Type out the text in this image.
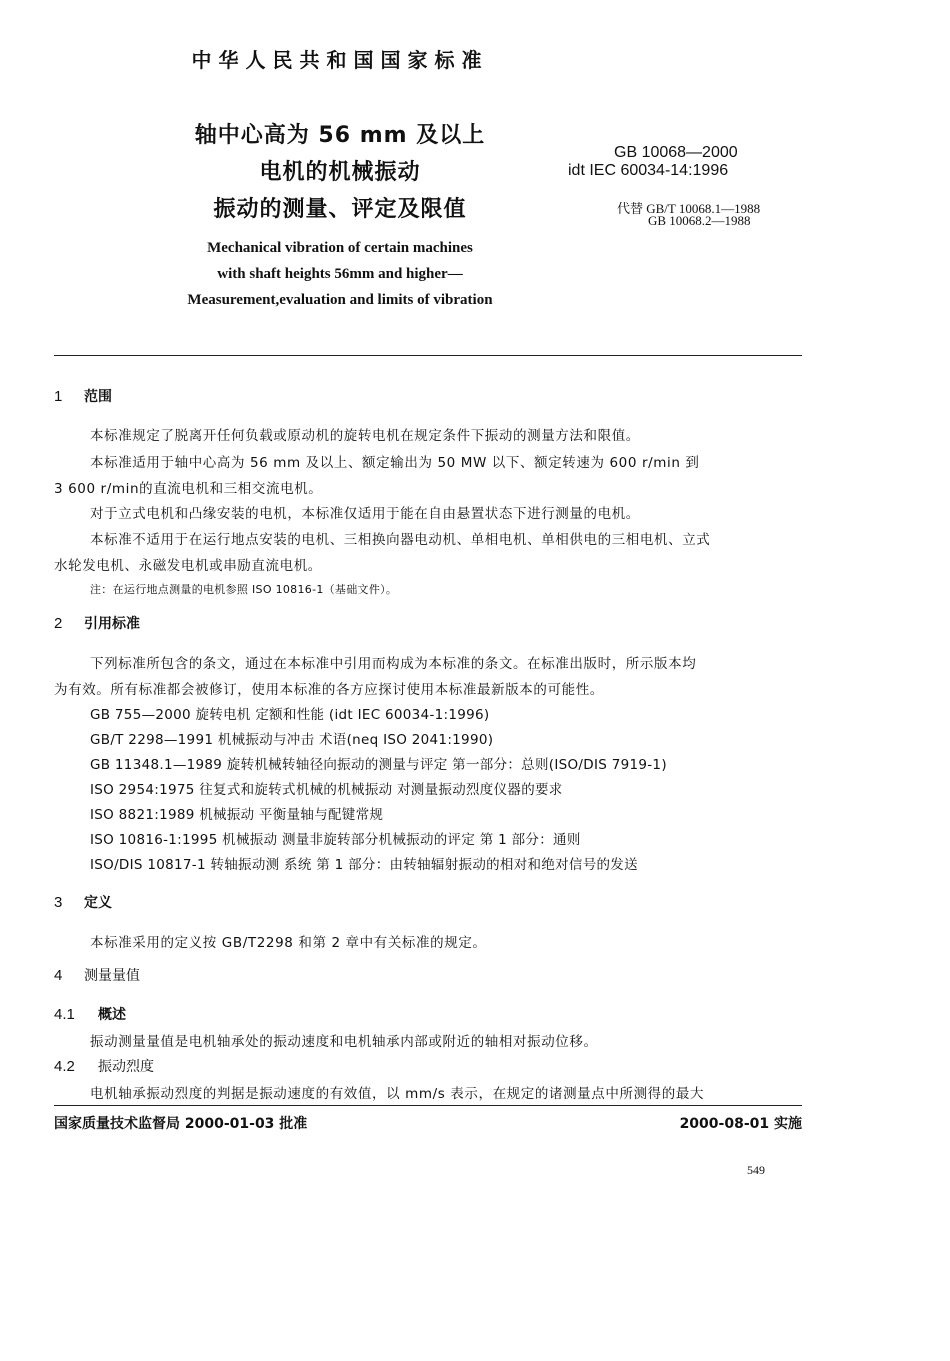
中华人民共和国国家标准
轴中心高为 56 mm 及以上
电机的机械振动
振动的测量、评定及限值
Mechanical vibration of certain machines
with shaft heights 56mm and higher—
Measurement,evaluation and limits of vibration
GB 10068—2000
idt IEC 60034-14:1996
代替 GB/T 10068.1—1988
GB 10068.2—1988
1 范围
本标准规定了脱离开任何负载或原动机的旋转电机在规定条件下振动的测量方法和限值。
本标准适用于轴中心高为 56 mm 及以上、额定输出为 50 MW 以下、额定转速为 600 r/min 到
3 600 r/min的直流电机和三相交流电机。
对于立式电机和凸缘安装的电机，本标准仅适用于能在自由悬置状态下进行测量的电机。
本标准不适用于在运行地点安装的电机、三相换向器电动机、单相电机、单相供电的三相电机、立式
水轮发电机、永磁发电机或串励直流电机。
注：在运行地点测量的电机参照 ISO 10816-1（基础文件）。
2 引用标准
下列标准所包含的条文，通过在本标准中引用而构成为本标准的条文。在标准出版时，所示版本均
为有效。所有标准都会被修订，使用本标准的各方应探讨使用本标准最新版本的可能性。
GB 755—2000 旋转电机 定额和性能 (idt IEC 60034-1:1996)
GB/T 2298—1991 机械振动与冲击 术语(neq ISO 2041:1990)
GB 11348.1—1989 旋转机械转轴径向振动的测量与评定 第一部分：总则(ISO/DIS 7919-1)
ISO 2954:1975 往复式和旋转式机械的机械振动 对测量振动烈度仪器的要求
ISO 8821:1989 机械振动 平衡量轴与配键常规
ISO 10816-1:1995 机械振动 测量非旋转部分机械振动的评定 第 1 部分：通则
ISO/DIS 10817-1 转轴振动测 系统 第 1 部分：由转轴辐射振动的相对和绝对信号的发送
3 定义
本标准采用的定义按 GB/T2298 和第 2 章中有关标准的规定。
4 测量量值
4.1 概述
振动测量量值是电机轴承处的振动速度和电机轴承内部或附近的轴相对振动位移。
4.2 振动烈度
电机轴承振动烈度的判据是振动速度的有效值，以 mm/s 表示，在规定的诸测量点中所测得的最大
国家质量技术监督局 2000-01-03 批准	2000-08-01 实施
549
